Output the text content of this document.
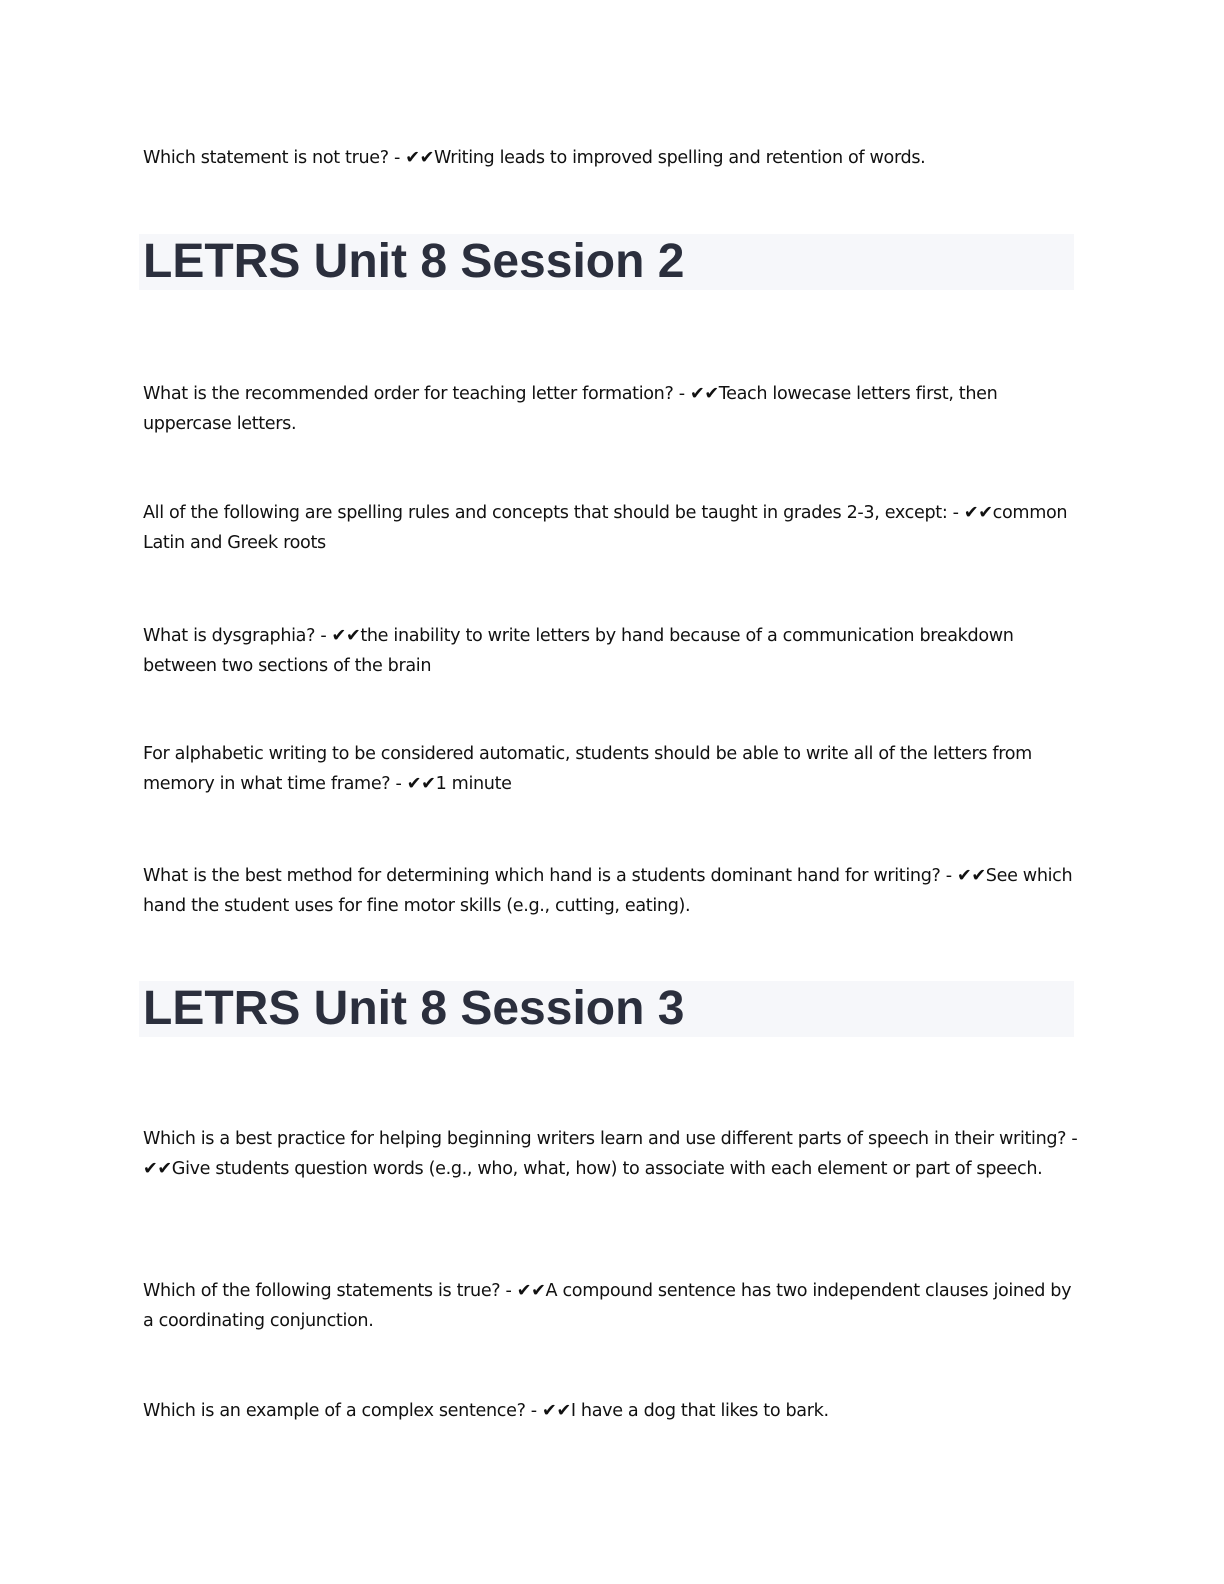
Which statement is not true? - ✔✔Writing leads to improved spelling and retention of words.
LETRS Unit 8 Session 2
What is the recommended order for teaching letter formation? - ✔✔Teach lowecase letters first, then uppercase letters.
All of the following are spelling rules and concepts that should be taught in grades 2-3, except: - ✔✔common Latin and Greek roots
What is dysgraphia? - ✔✔the inability to write letters by hand because of a communication breakdown between two sections of the brain
For alphabetic writing to be considered automatic, students should be able to write all of the letters from memory in what time frame? - ✔✔1 minute
What is the best method for determining which hand is a students dominant hand for writing? - ✔✔See which hand the student uses for fine motor skills (e.g., cutting, eating).
LETRS Unit 8 Session 3
Which is a best practice for helping beginning writers learn and use different parts of speech in their writing? - ✔✔Give students question words (e.g., who, what, how) to associate with each element or part of speech.
Which of the following statements is true? - ✔✔A compound sentence has two independent clauses joined by a coordinating conjunction.
Which is an example of a complex sentence? - ✔✔I have a dog that likes to bark.
